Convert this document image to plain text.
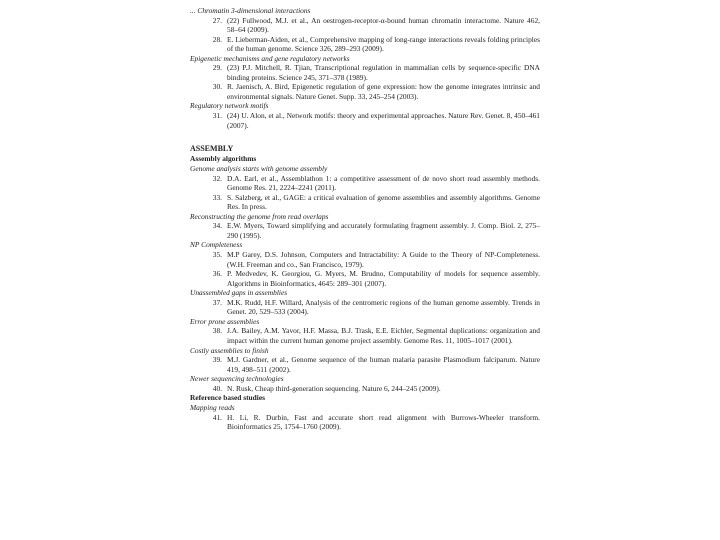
... Chromatin 3-dimensional interactions
27. (22) Fullwood, M.J. et al., An oestrogen-receptor-α-bound human chromatin interactome. Nature 462, 58–64 (2009).
28. E. Lieberman-Aiden, et al., Comprehensive mapping of long-range interactions reveals folding principles of the human genome. Science 326, 289–293 (2009).
Epigenetic mechanisms and gene regulatory networks
29. (23) P.J. Mitchell, R. Tjian, Transcriptional regulation in mammalian cells by sequence-specific DNA binding proteins. Science 245, 371–378 (1989).
30. R. Jaenisch, A. Bird, Epigenetic regulation of gene expression: how the genome integrates intrinsic and environmental signals. Nature Genet. Supp. 33, 245–254 (2003).
Regulatory network motifs
31. (24) U. Alon, et al., Network motifs: theory and experimental approaches. Nature Rev. Genet. 8, 450–461 (2007).
ASSEMBLY
Assembly algorithms
Genome analysis starts with genome assembly
32. D.A. Earl, et al., Assemblathon 1: a competitive assessment of de novo short read assembly methods. Genome Res. 21, 2224–2241 (2011).
33. S. Salzberg, et al., GAGE: a critical evaluation of genome assemblies and assembly algorithms. Genome Res. In press.
Reconstructing the genome from read overlaps
34. E.W. Myers, Toward simplifying and accurately formulating fragment assembly. J. Comp. Biol. 2, 275–290 (1995).
NP Completeness
35. M.P Garey, D.S. Johnson, Computers and Intractability: A Guide to the Theory of NP-Completeness. (W.H. Freeman and co., San Francisco, 1979).
36. P. Medvedev, K. Georgiou, G. Myers, M. Brudno, Computability of models for sequence assembly. Algorithms in Bioinformatics, 4645: 289–301 (2007).
Unassembled gaps in assemblies
37. M.K. Rudd, H.F. Willard, Analysis of the centromeric regions of the human genome assembly. Trends in Genet. 20, 529–533 (2004).
Error prone assemblies
38. J.A. Bailey, A.M. Yavor, H.F. Massa, B.J. Trask, E.E. Eichler, Segmental duplications: organization and impact within the current human genome project assembly. Genome Res. 11, 1005–1017 (2001).
Costly assemblies to finish
39. M.J. Gardner, et al., Genome sequence of the human malaria parasite Plasmodium falciparum. Nature 419, 498–511 (2002).
Newer sequencing technologies
40. N. Rusk, Cheap third-generation sequencing. Nature 6, 244–245 (2009).
Reference based studies
Mapping reads
41. H. Li, R. Durbin, Fast and accurate short read alignment with Burrows-Wheeler transform. Bioinformatics 25, 1754–1760 (2009).
